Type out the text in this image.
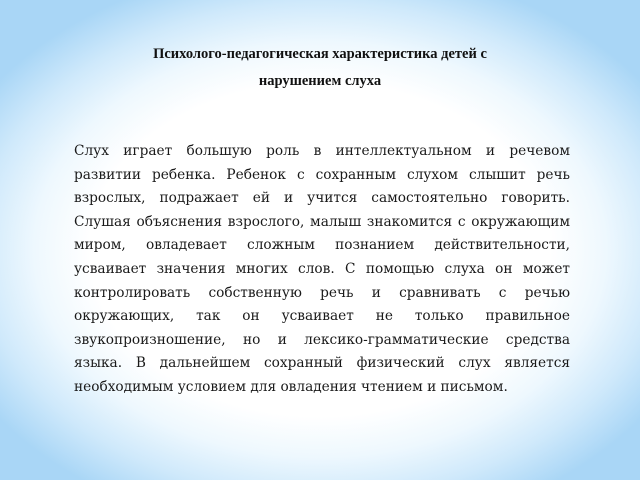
Психолого-педагогическая характеристика детей с
нарушением слуха

Слух играет большую роль в интеллектуальном и речевом развитии ребенка. Ребенок с сохранным слухом слышит речь взрослых, подражает ей и учится самостоятельно говорить. Слушая объяснения взрослого, малыш знакомится с окружающим миром, овладевает сложным познанием действительности, усваивает значения многих слов. С помощью слуха он может контролировать собственную речь и сравнивать с речью окружающих, так он усваивает не только правильное звукопроизношение, но и лексико-грамматические средства языка. В дальнейшем сохранный физический слух является необходимым условием для овладения чтением и письмом.
